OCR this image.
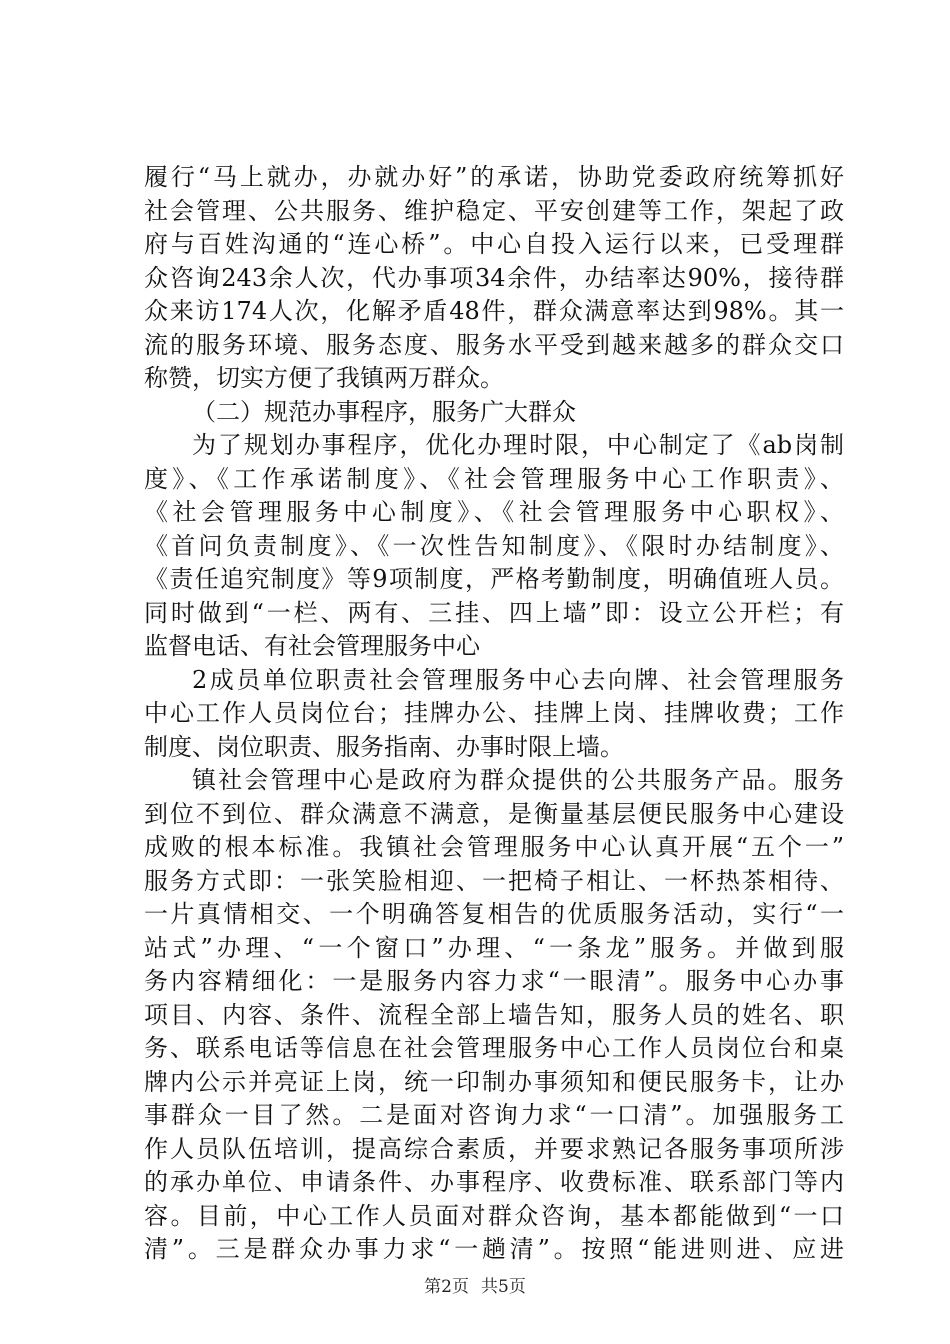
履行“马上就办，办就办好”的承诺，协助党委政府统筹抓好
社会管理、公共服务、维护稳定、平安创建等工作，架起了政
府与百姓沟通的“连心桥”。中心自投入运行以来，已受理群
众咨询243余人次，代办事项34余件，办结率达90%，接待群
众来访174人次，化解矛盾48件，群众满意率达到98%。其一
流的服务环境、服务态度、服务水平受到越来越多的群众交口
称赞，切实方便了我镇两万群众。
（二）规范办事程序，服务广大群众
为了规划办事程序，优化办理时限，中心制定了《ab岗制
度》、《工作承诺制度》、《社会管理服务中心工作职责》、
《社会管理服务中心制度》、《社会管理服务中心职权》、
《首问负责制度》、《一次性告知制度》、《限时办结制度》、
《责任追究制度》等9项制度，严格考勤制度，明确值班人员。
同时做到“一栏、两有、三挂、四上墙”即：设立公开栏；有
监督电话、有社会管理服务中心
2成员单位职责社会管理服务中心去向牌、社会管理服务
中心工作人员岗位台；挂牌办公、挂牌上岗、挂牌收费；工作
制度、岗位职责、服务指南、办事时限上墙。
镇社会管理中心是政府为群众提供的公共服务产品。服务
到位不到位、群众满意不满意，是衡量基层便民服务中心建设
成败的根本标准。我镇社会管理服务中心认真开展“五个一”
服务方式即：一张笑脸相迎、一把椅子相让、一杯热茶相待、
一片真情相交、一个明确答复相告的优质服务活动，实行“一
站式”办理、“一个窗口”办理、“一条龙”服务。并做到服
务内容精细化：一是服务内容力求“一眼清”。服务中心办事
项目、内容、条件、流程全部上墙告知，服务人员的姓名、职
务、联系电话等信息在社会管理服务中心工作人员岗位台和桌
牌内公示并亮证上岗，统一印制办事须知和便民服务卡，让办
事群众一目了然。二是面对咨询力求“一口清”。加强服务工
作人员队伍培训，提高综合素质，并要求熟记各服务事项所涉
的承办单位、申请条件、办事程序、收费标准、联系部门等内
容。目前，中心工作人员面对群众咨询，基本都能做到“一口
清”。三是群众办事力求“一趟清”。按照“能进则进、应进
第2页 共5页
